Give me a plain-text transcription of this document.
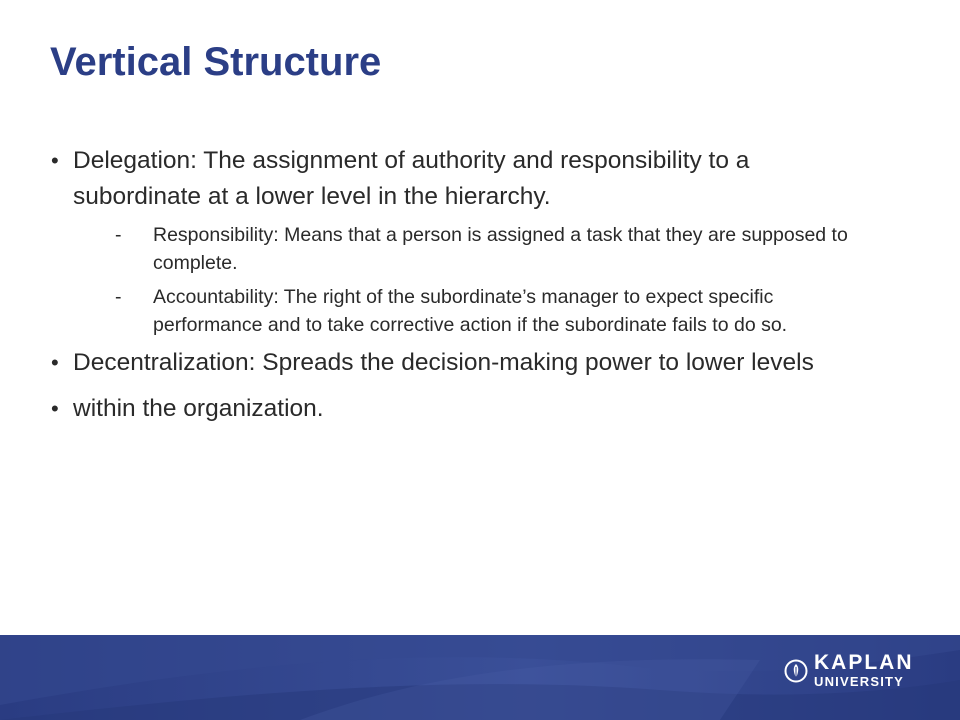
Vertical Structure
• Delegation: The assignment of authority and responsibility to a subordinate at a lower level in the hierarchy.
- Responsibility: Means that a person is assigned a task that they are supposed to complete.
- Accountability: The right of the subordinate’s manager to expect specific performance and to take corrective action if the subordinate fails to do so.
• Decentralization: Spreads the decision-making power to lower levels
• within the organization.
KAPLAN
UNIVERSITY
